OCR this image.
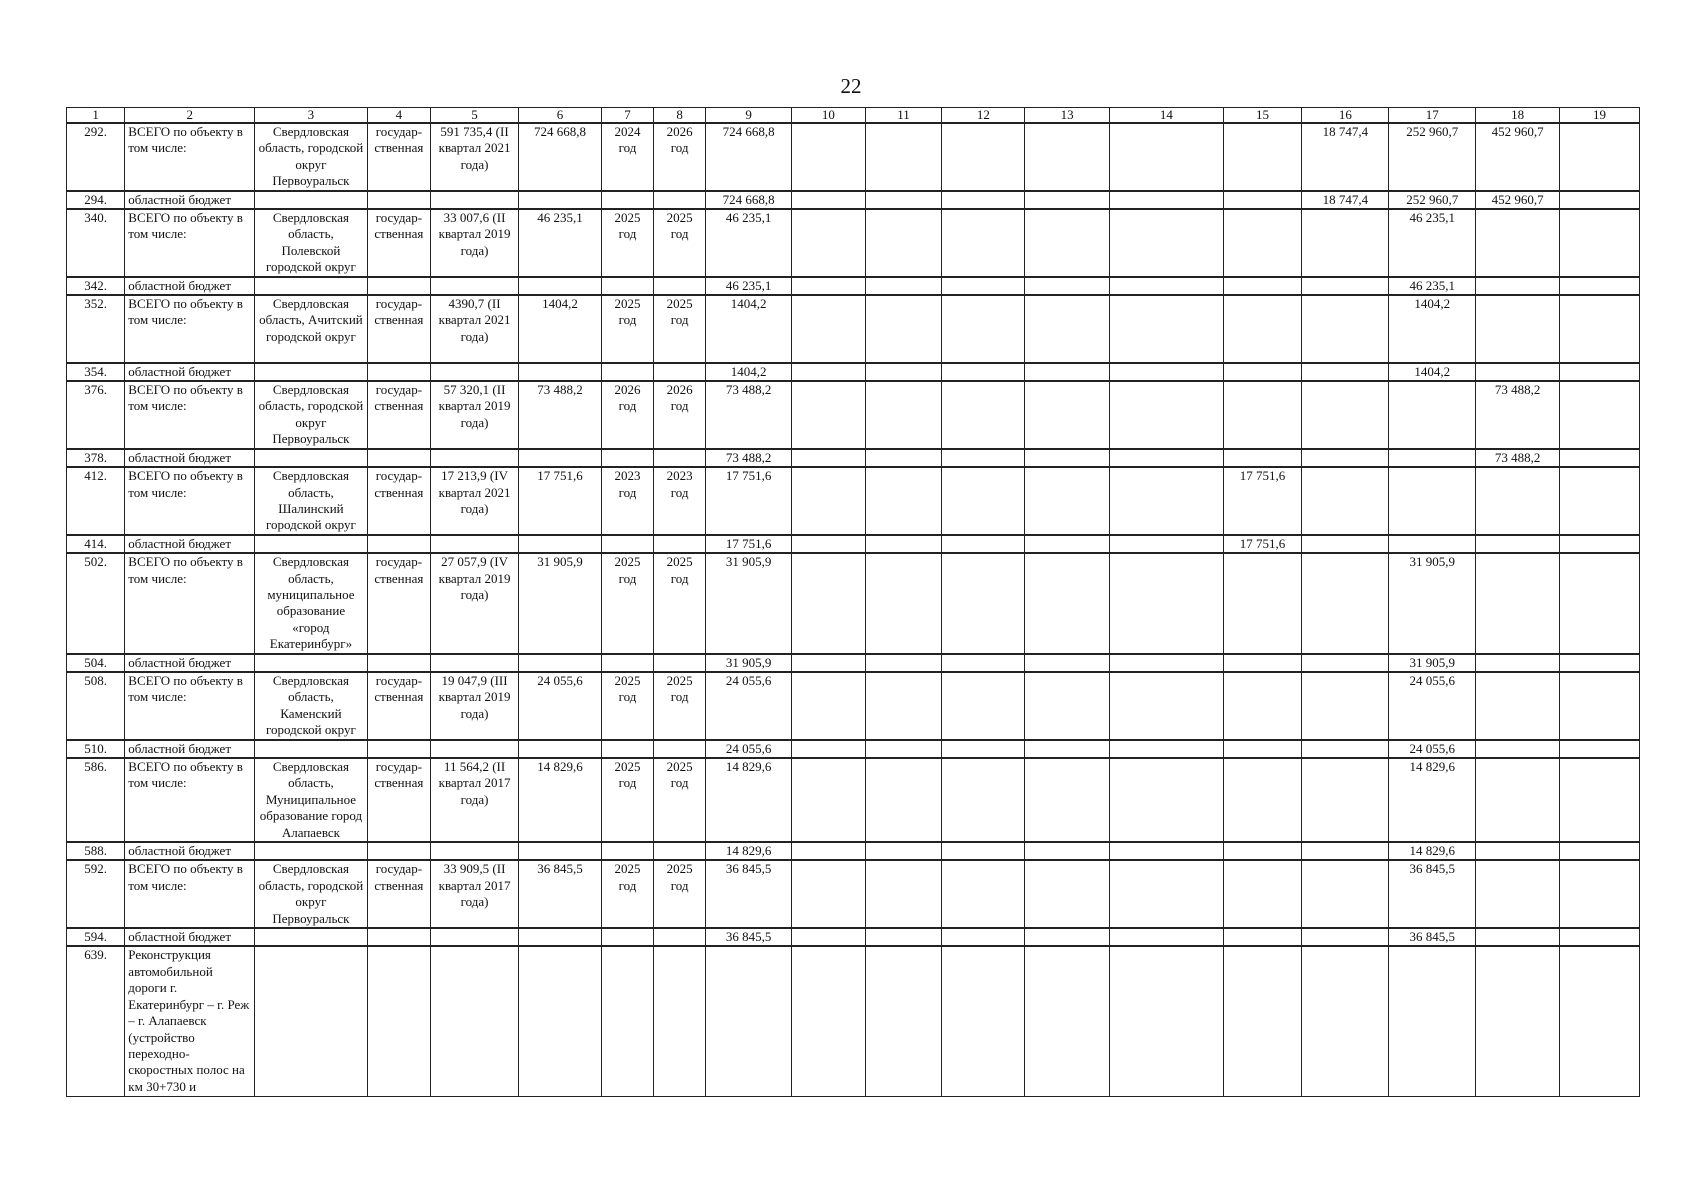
22
1	2	3	4	5	6	7	8	9	10	11	12	13	14	15	16	17	18	19
292.	ВСЕГО по объекту в том числе:	Свердловская область, городской округ Первоуральск	государ-ственная	591 735,4 (II квартал 2021 года)	724 668,8	2024 год	2026 год	724 668,8							18 747,4	252 960,7	452 960,7	
294.	областной бюджет							724 668,8							18 747,4	252 960,7	452 960,7	
340.	ВСЕГО по объекту в том числе:	Свердловская область, Полевской городской округ	государ-ственная	33 007,6 (II квартал 2019 года)	46 235,1	2025 год	2025 год	46 235,1								46 235,1		
342.	областной бюджет							46 235,1								46 235,1		
352.	ВСЕГО по объекту в том числе:	Свердловская область, Ачитский городской округ	государ-ственная	4390,7 (II квартал 2021 года)	1404,2	2025 год	2025 год	1404,2								1404,2		
354.	областной бюджет							1404,2								1404,2		
376.	ВСЕГО по объекту в том числе:	Свердловская область, городской округ Первоуральск	государ-ственная	57 320,1 (II квартал 2019 года)	73 488,2	2026 год	2026 год	73 488,2									73 488,2	
378.	областной бюджет							73 488,2									73 488,2	
412.	ВСЕГО по объекту в том числе:	Свердловская область, Шалинский городской округ	государ-ственная	17 213,9 (IV квартал 2021 года)	17 751,6	2023 год	2023 год	17 751,6						17 751,6				
414.	областной бюджет							17 751,6						17 751,6				
502.	ВСЕГО по объекту в том числе:	Свердловская область, муниципальное образование «город Екатеринбург»	государ-ственная	27 057,9 (IV квартал 2019 года)	31 905,9	2025 год	2025 год	31 905,9								31 905,9		
504.	областной бюджет							31 905,9								31 905,9		
508.	ВСЕГО по объекту в том числе:	Свердловская область, Каменский городской округ	государ-ственная	19 047,9 (III квартал 2019 года)	24 055,6	2025 год	2025 год	24 055,6								24 055,6		
510.	областной бюджет							24 055,6								24 055,6		
586.	ВСЕГО по объекту в том числе:	Свердловская область, Муниципальное образование город Алапаевск	государ-ственная	11 564,2 (II квартал 2017 года)	14 829,6	2025 год	2025 год	14 829,6								14 829,6		
588.	областной бюджет							14 829,6								14 829,6		
592.	ВСЕГО по объекту в том числе:	Свердловская область, городской округ Первоуральск	государ-ственная	33 909,5 (II квартал 2017 года)	36 845,5	2025 год	2025 год	36 845,5								36 845,5		
594.	областной бюджет							36 845,5								36 845,5		
639.	Реконструкция автомобильной дороги г. Екатеринбург – г. Реж – г. Алапаевск (устройство переходно-скоростных полос на км 30+730 и																	
